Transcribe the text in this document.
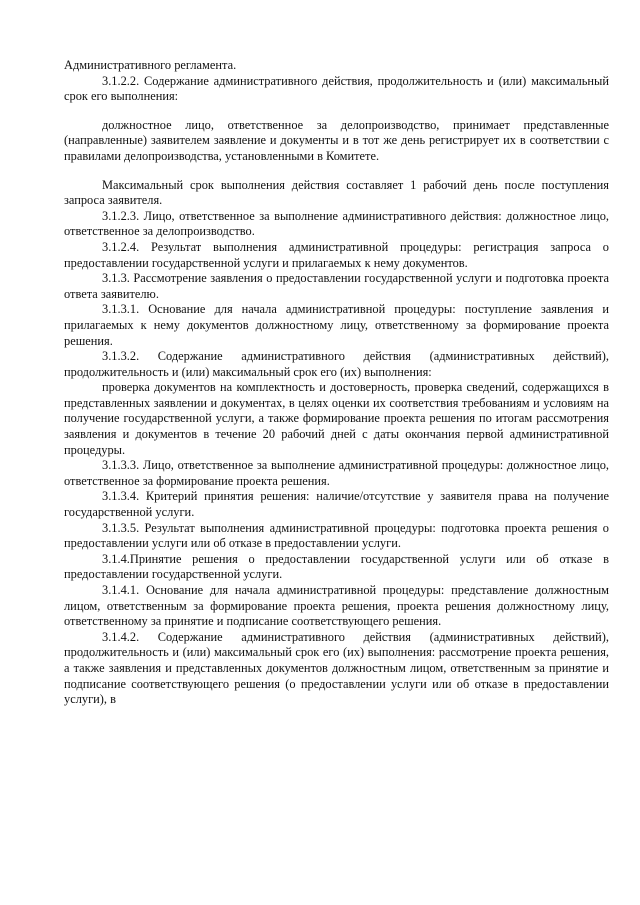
Административного регламента.

3.1.2.2. Содержание административного действия, продолжительность и (или) максимальный срок его выполнения:

должностное лицо, ответственное за делопроизводство, принимает представленные (направленные) заявителем заявление и документы и в тот же день регистрирует их в соответствии с правилами делопроизводства, установленными в Комитете.

Максимальный срок выполнения действия составляет 1 рабочий день после поступления запроса заявителя.

3.1.2.3. Лицо, ответственное за выполнение административного действия: должностное лицо, ответственное за делопроизводство.

3.1.2.4. Результат выполнения административной процедуры: регистрация запроса о предоставлении государственной услуги и прилагаемых к нему документов.

3.1.3. Рассмотрение заявления о предоставлении государственной услуги и подготовка проекта ответа заявителю.

3.1.3.1. Основание для начала административной процедуры: поступление заявления и прилагаемых к нему документов должностному лицу, ответственному за формирование проекта решения.

3.1.3.2. Содержание административного действия (административных действий), продолжительность и (или) максимальный срок его (их) выполнения:

проверка документов на комплектность и достоверность, проверка сведений, содержащихся в представленных заявлении и документах, в целях оценки их соответствия требованиям и условиям на получение государственной услуги, а также формирование проекта решения по итогам рассмотрения заявления и документов в течение 20 рабочий дней с даты окончания первой административной процедуры.

3.1.3.3. Лицо, ответственное за выполнение административной процедуры: должностное лицо, ответственное за формирование проекта решения.

3.1.3.4. Критерий принятия решения: наличие/отсутствие у заявителя права на получение государственной услуги.

3.1.3.5. Результат выполнения административной процедуры: подготовка проекта решения о предоставлении услуги или об отказе в предоставлении услуги.

3.1.4.Принятие решения о предоставлении государственной услуги или об отказе в предоставлении государственной услуги.

3.1.4.1. Основание для начала административной процедуры: представление должностным лицом, ответственным за формирование проекта решения, проекта решения должностному лицу, ответственному за принятие и подписание соответствующего решения.

3.1.4.2. Содержание административного действия (административных действий), продолжительность и (или) максимальный срок его (их) выполнения: рассмотрение проекта решения, а также заявления и представленных документов должностным лицом, ответственным за принятие и подписание соответствующего решения (о предоставлении услуги или об отказе в предоставлении услуги), в
